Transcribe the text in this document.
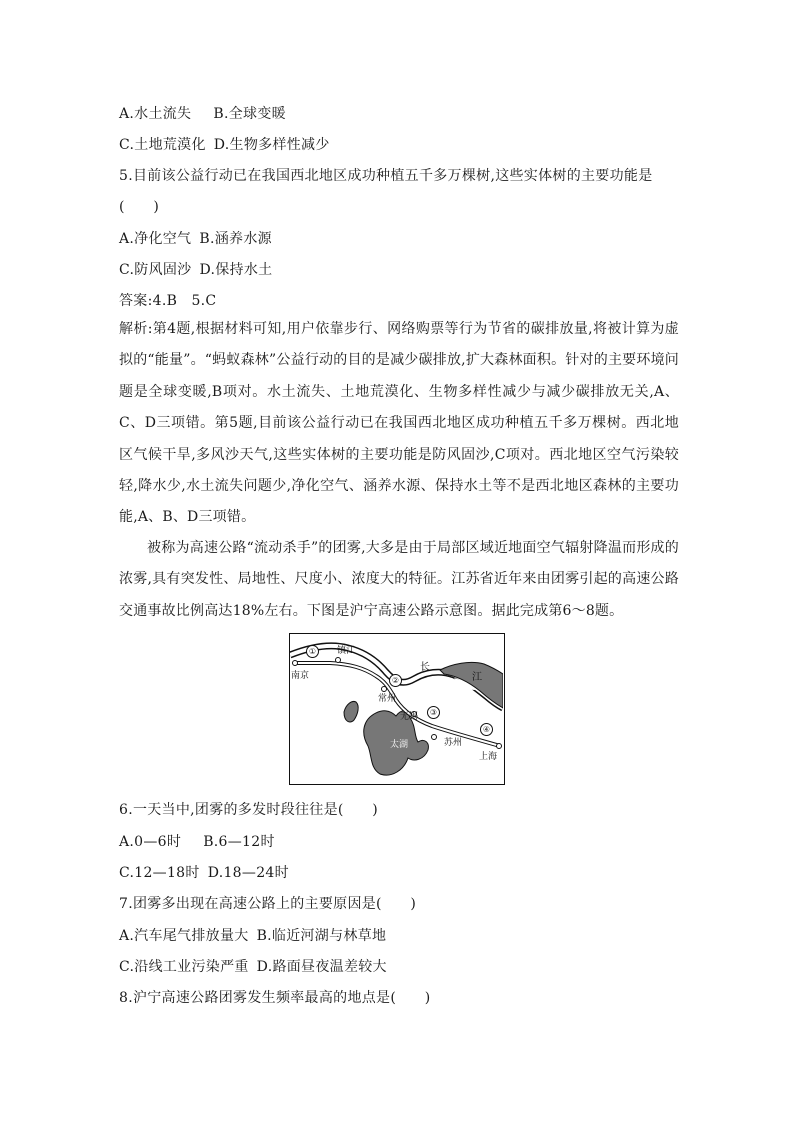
A.水土流失 B.全球变暖
C.土地荒漠化 D.生物多样性减少
5.目前该公益行动已在我国西北地区成功种植五千多万棵树,这些实体树的主要功能是
(　　)
A.净化空气 B.涵养水源
C.防风固沙 D.保持水土
答案:4.B　5.C

解析:第4题,根据材料可知,用户依靠步行、网络购票等行为节省的碳排放量,将被计算为虚拟的“能量”。“蚂蚁森林”公益行动的目的是减少碳排放,扩大森林面积。针对的主要环境问题是全球变暖,B项对。水土流失、土地荒漠化、生物多样性减少与减少碳排放无关,A、C、D三项错。第5题,目前该公益行动已在我国西北地区成功种植五千多万棵树。西北地区气候干旱,多风沙天气,这些实体树的主要功能是防风固沙,C项对。西北地区空气污染较轻,降水少,水土流失问题少,净化空气、涵养水源、保持水土等不是西北地区森林的主要功能,A、B、D三项错。

被称为高速公路“流动杀手”的团雾,大多是由于局部区域近地面空气辐射降温而形成的浓雾,具有突发性、局地性、尺度小、浓度大的特征。江苏省近年来由团雾引起的高速公路交通事故比例高达18%左右。下图是沪宁高速公路示意图。据此完成第6～8题。

南京
镇江
常州
无锡
苏州
上海
长
江
太湖
①
②
③
④
6.一天当中,团雾的多发时段往往是(　　)
A.0—6时 B.6—12时
C.12—18时 D.18—24时
7.团雾多出现在高速公路上的主要原因是(　　)
A.汽车尾气排放量大 B.临近河湖与林草地
C.沿线工业污染严重 D.路面昼夜温差较大
8.沪宁高速公路团雾发生频率最高的地点是(　　)
